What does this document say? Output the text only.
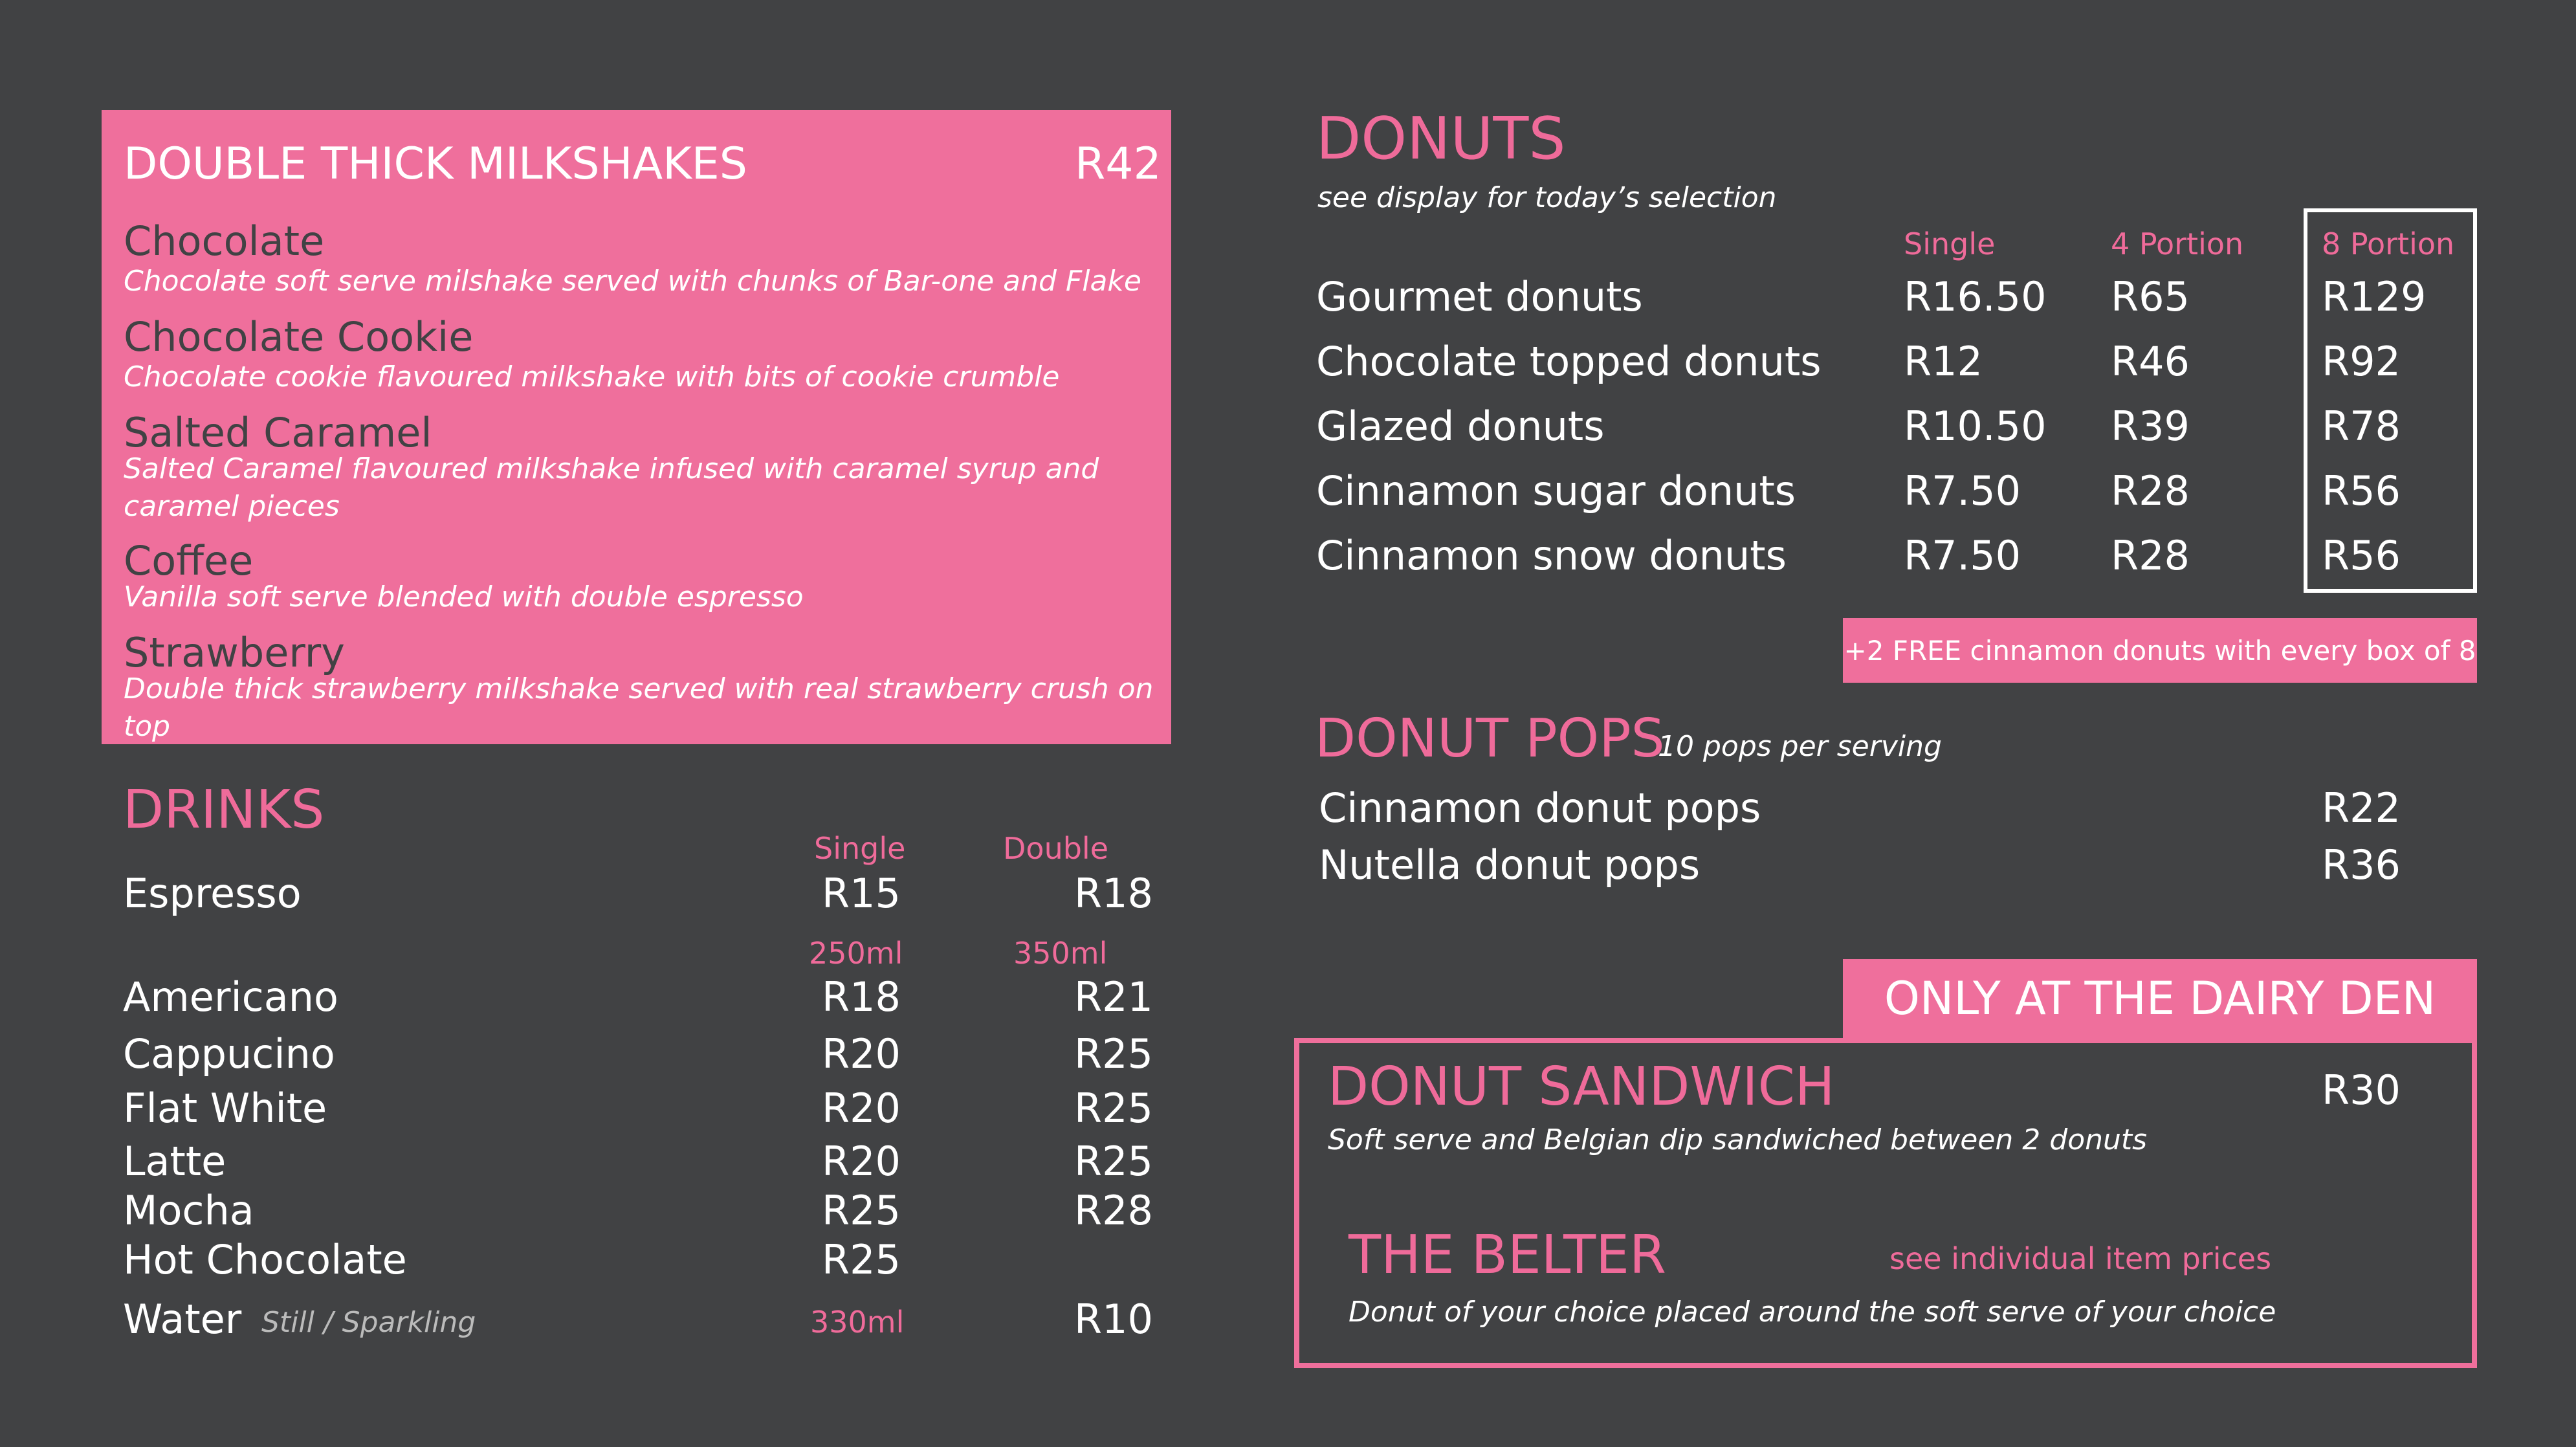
DOUBLE THICK MILKSHAKES	R42
Chocolate
Chocolate soft serve milshake served with chunks of Bar-one and Flake
Chocolate Cookie
Chocolate cookie flavoured milkshake with bits of cookie crumble
Salted Caramel
Salted Caramel flavoured milkshake infused with caramel syrup and caramel pieces
Coffee
Vanilla soft serve blended with double espresso
Strawberry
Double thick strawberry milkshake served with real strawberry crush on top
DRINKS
Single	Double
Espresso	R15	R18
250ml	350ml
Americano	R18	R21
Cappucino	R20	R25
Flat White	R20	R25
Latte	R20	R25
Mocha	R25	R28
Hot Chocolate	R25
Water Still / Sparkling	330ml	R10
DONUTS
see display for today’s selection
Single	4 Portion	8 Portion
Gourmet donuts	R16.50 R65	R129
Chocolate topped donuts R12	R46	R92
Glazed donuts	R10.50 R39	R78
Cinnamon sugar donuts	R7.50 R28	R56
Cinnamon snow donuts	R7.50 R28	R56
+2 FREE cinnamon donuts with every box of 8
DONUT POPS
10 pops per serving
Cinnamon donut pops	R22
Nutella donut pops	R36
ONLY AT THE DAIRY DEN
DONUT SANDWICH	R30
Soft serve and Belgian dip sandwiched between 2 donuts
THE BELTER	see individual item prices
Donut of your choice placed around the soft serve of your choice
